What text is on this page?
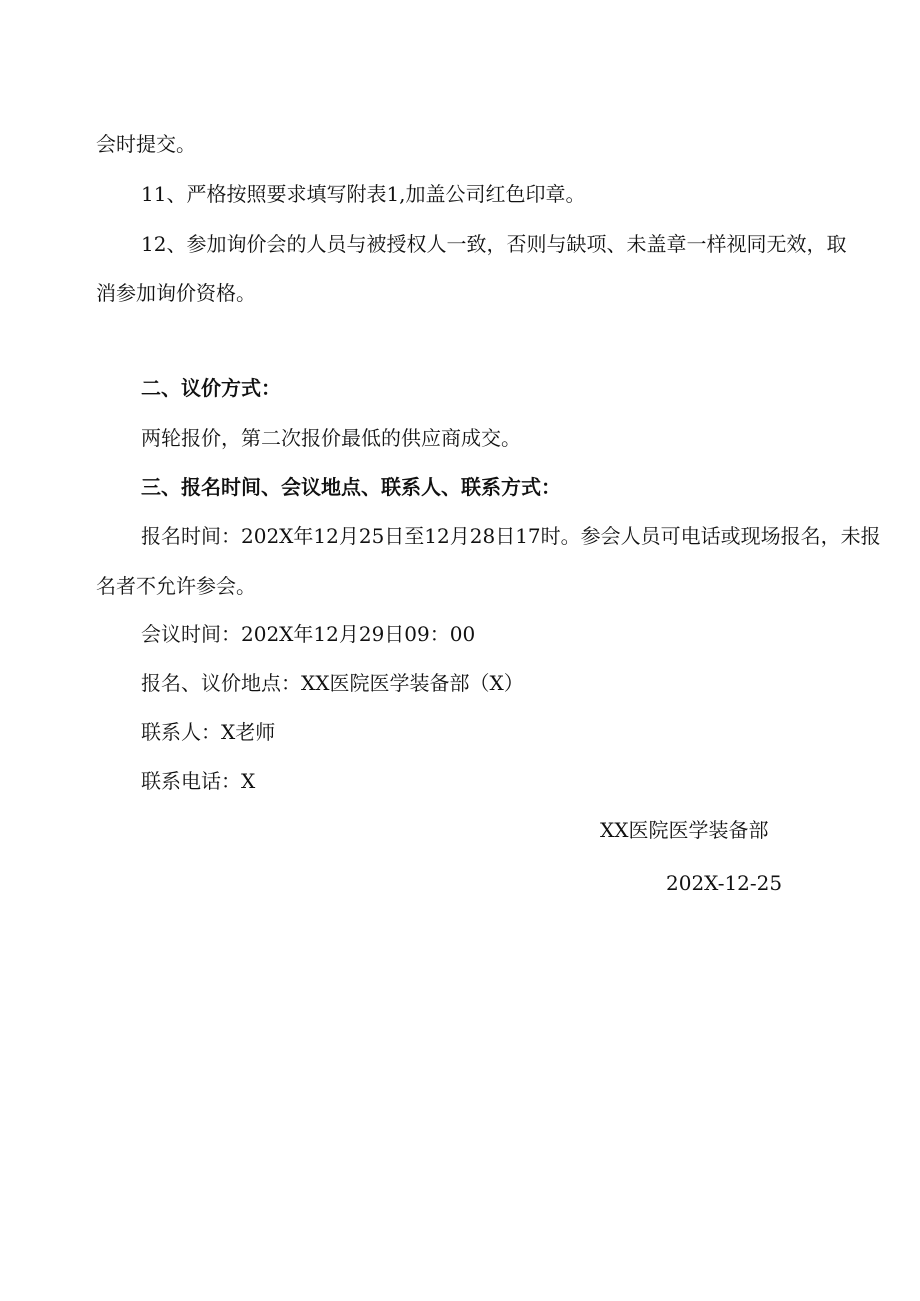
会时提交。
11、严格按照要求填写附表1,加盖公司红色印章。
12、参加询价会的人员与被授权人一致，否则与缺项、未盖章一样视同无效，取
消参加询价资格。
二、议价方式：
两轮报价，第二次报价最低的供应商成交。
三、报名时间、会议地点、联系人、联系方式：
报名时间：202X年12月25日至12月28日17时。参会人员可电话或现场报名，未报
名者不允许参会。
会议时间：202X年12月29日09：00
报名、议价地点：XX医院医学装备部（X）
联系人：X老师
联系电话：X
XX医院医学装备部
202X-12-25
